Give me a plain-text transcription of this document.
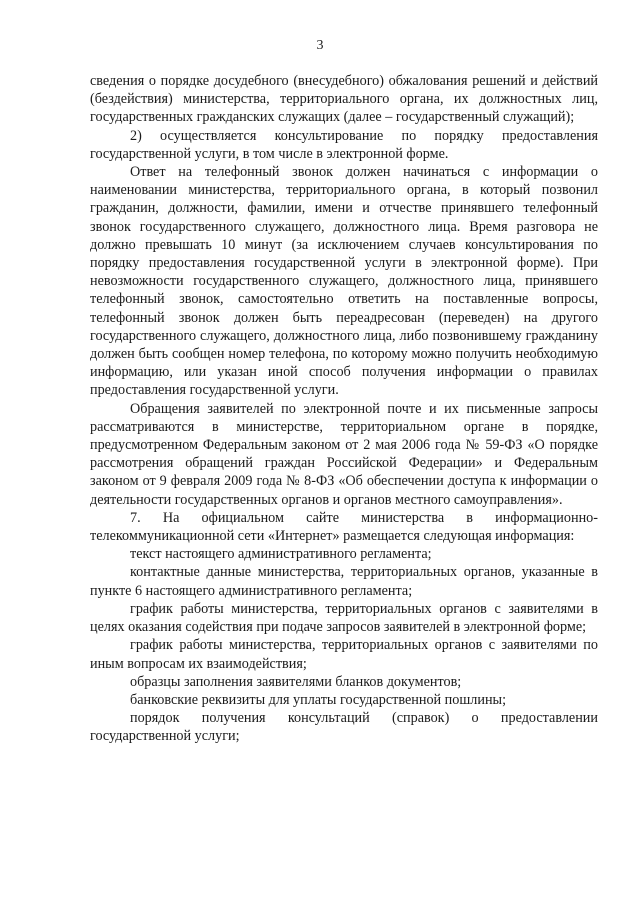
3

сведения о порядке досудебного (внесудебного) обжалования решений и действий (бездействия) министерства, территориального органа, их должностных лиц, государственных гражданских служащих (далее – государственный служащий);

2) осуществляется консультирование по порядку предоставления государственной услуги, в том числе в электронной форме.

Ответ на телефонный звонок должен начинаться с информации о наименовании министерства, территориального органа, в который позвонил гражданин, должности, фамилии, имени и отчестве принявшего телефонный звонок государственного служащего, должностного лица. Время разговора не должно превышать 10 минут (за исключением случаев консультирования по порядку предоставления государственной услуги в электронной форме). При невозможности государственного служащего, должностного лица, принявшего телефонный звонок, самостоятельно ответить на поставленные вопросы, телефонный звонок должен быть переадресован (переведен) на другого государственного служащего, должностного лица, либо позвонившему гражданину должен быть сообщен номер телефона, по которому можно получить необходимую информацию, или указан иной способ получения информации о правилах предоставления государственной услуги.

Обращения заявителей по электронной почте и их письменные запросы рассматриваются в министерстве, территориальном органе в порядке, предусмотренном Федеральным законом от 2 мая 2006 года № 59-ФЗ «О порядке рассмотрения обращений граждан Российской Федерации» и Федеральным законом от 9 февраля 2009 года № 8-ФЗ «Об обеспечении доступа к информации о деятельности государственных органов и органов местного самоуправления».

7. На официальном сайте министерства в информационно-телекоммуникационной сети «Интернет» размещается следующая информация:

текст настоящего административного регламента;

контактные данные министерства, территориальных органов, указанные в пункте 6 настоящего административного регламента;

график работы министерства, территориальных органов с заявителями в целях оказания содействия при подаче запросов заявителей в электронной форме;

график работы министерства, территориальных органов с заявителями по иным вопросам их взаимодействия;

образцы заполнения заявителями бланков документов;

банковские реквизиты для уплаты государственной пошлины;

порядок получения консультаций (справок) о предоставлении государственной услуги;
